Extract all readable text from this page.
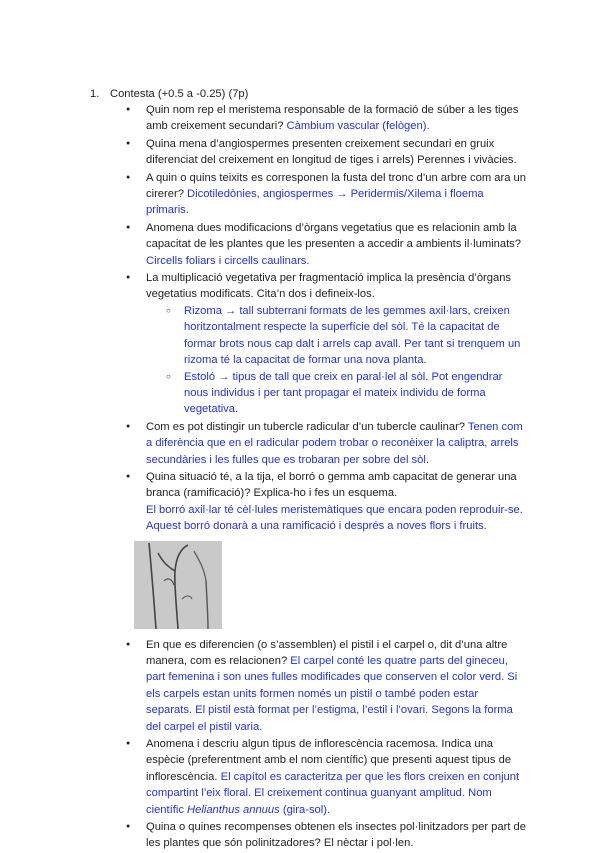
1. Contesta (+0.5 a -0.25) (7p)
● Quin nom rep el meristema responsable de la formació de súber a les tiges amb creixement secundari? Càmbium vascular (felògen).
● Quina mena d’angiospermes presenten creixement secundari en gruix diferenciat del creixement en longitud de tiges i arrels) Perennes i vivàcies.
● A quin o quins teixits es corresponen la fusta del tronc d’un arbre com ara un cirerer? Dicotiledònies, angiospermes → Peridermis/Xilema i floema primaris.
● Anomena dues modificacions d’òrgans vegetatius que es relacionin amb la capacitat de les plantes que les presenten a accedir a ambients il·luminats? Circells foliars i circells caulinars.
● La multiplicació vegetativa per fragmentació implica la presència d’òrgans vegetatius modificats. Cita’n dos i defineix-los.
○ Rizoma → tall subterrani formats de les gemmes axil·lars, creixen horitzontalment respecte la superfície del sòl. Té la capacitat de formar brots nous cap dalt i arrels cap avall. Per tant si trenquem un rizoma té la capacitat de formar una nova planta.
○ Estoló → tipus de tall que creix en paral·lel al sòl. Pot engendrar nous individus i per tant propagar el mateix individu de forma vegetativa.
● Com es pot distingir un tubercle radicular d’un tubercle caulinar? Tenen com a diferència que en el radicular podem trobar o reconèixer la caliptra, arrels secundàries i les fulles que es trobaran per sobre del sòl.
● Quina situació té, a la tija, el borró o gemma amb capacitat de generar una branca (ramificació)? Explica-ho i fes un esquema.
El borró axil·lar té cèl·lules meristemàtiques que encara poden reproduir-se. Aquest borró donarà a una ramificació i després a noves flors i fruits.
● En que es diferencien (o s’assemblen) el pistil i el carpel o, dit d’una altre manera, com es relacionen? El carpel conté les quatre parts del gineceu, part femenina i son unes fulles modificades que conserven el color verd. Si els carpels estan units formen només un pistil o també poden estar separats. El pistil està format per l’estigma, l’estil i l’ovari. Segons la forma del carpel el pistil varia.
● Anomena i descriu algun tipus de inflorescència racemosa. Indica una espècie (preferentment amb el nom científic) que presenti aquest tipus de inflorescència. El capítol es caracteritza per que les flors creixen en conjunt compartint l’eix floral. El creixement continua guanyant amplitud. Nom científic Helianthus annuus (gira-sol).
● Quina o quines recompenses obtenen els insectes pol·linitzadors per part de les plantes que són polinitzadores? El nèctar i pol·len.
